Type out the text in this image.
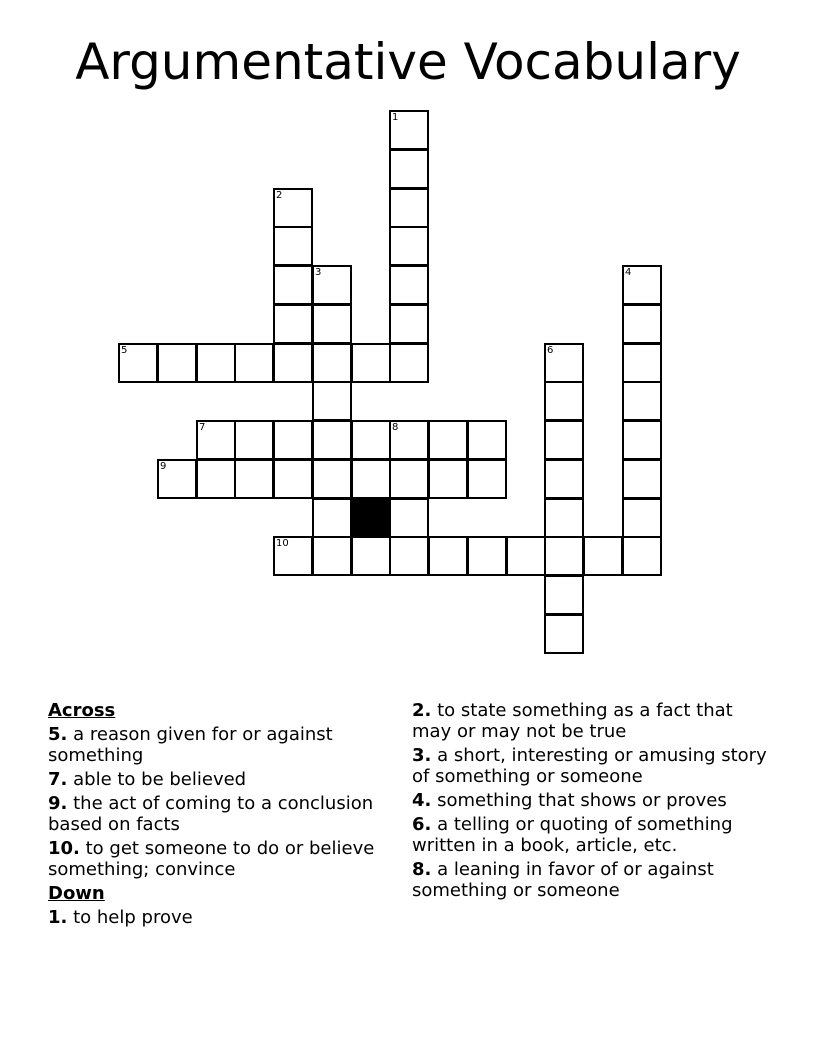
Argumentative Vocabulary
1
2
3	4
5	6
7	8
9
10
Across
5. a reason given for or against something
7. able to be believed
9. the act of coming to a conclusion based on facts
10. to get someone to do or believe something; convince
Down
1. to help prove
2. to state something as a fact that may or may not be true
3. a short, interesting or amusing story of something or someone
4. something that shows or proves
6. a telling or quoting of something written in a book, article, etc.
8. a leaning in favor of or against something or someone
